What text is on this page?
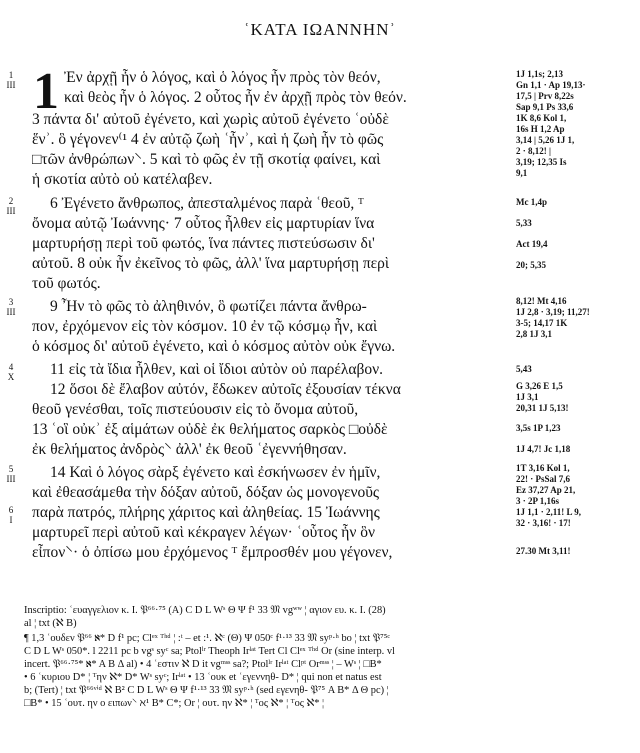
ʿΚΑΤΑ ΙΩΑΝΝΗΝʾ
1
1
III
2
III
3
III
4
X
5
III
6
I
Ἐν ἀρχῇ ἦν ὁ λόγος, καὶ ὁ λόγος ἦν πρὸς τὸν θεόν,
καὶ θεὸς ἦν ὁ λόγος. 2 οὗτος ἦν ἐν ἀρχῇ πρὸς τὸν θεόν.
3 πάντα δι' αὐτοῦ ἐγένετο, καὶ χωρὶς αὐτοῦ ἐγένετο ʿοὐδὲ
ἕνʾ. ὃ γέγονεν⁽¹ 4 ἐν αὐτῷ ζωὴ ʿἦνʾ, καὶ ἡ ζωὴ ἦν τὸ φῶς
□τῶν ἀνθρώπων⸌. 5 καὶ τὸ φῶς ἐν τῇ σκοτίᾳ φαίνει, καὶ
ἡ σκοτία αὐτὸ οὐ κατέλαβεν.
6 Ἐγένετο ἄνθρωπος, ἀπεσταλμένος παρὰ ʿθεοῦ, ᵀ
ὄνομα αὐτῷ Ἰωάννης· 7 οὗτος ἦλθεν εἰς μαρτυρίαν ἵνα
μαρτυρήσῃ περὶ τοῦ φωτός, ἵνα πάντες πιστεύσωσιν δι'
αὐτοῦ. 8 οὐκ ἦν ἐκεῖνος τὸ φῶς, ἀλλ' ἵνα μαρτυρήσῃ περὶ
τοῦ φωτός.
9 Ἦν τὸ φῶς τὸ ἀληθινόν, ὃ φωτίζει πάντα ἄνθρω-
πον, ἐρχόμενον εἰς τὸν κόσμον. 10 ἐν τῷ κόσμῳ ἦν, καὶ
ὁ κόσμος δι' αὐτοῦ ἐγένετο, καὶ ὁ κόσμος αὐτὸν οὐκ ἔγνω.
11 εἰς τὰ ἴδια ἦλθεν, καὶ οἱ ἴδιοι αὐτὸν οὐ παρέλαβον.
12 ὅσοι δὲ ἔλαβον αὐτόν, ἔδωκεν αὐτοῖς ἐξουσίαν τέκνα
θεοῦ γενέσθαι, τοῖς πιστεύουσιν εἰς τὸ ὄνομα αὐτοῦ,
13 ʿοἳ οὐκʾ ἐξ αἱμάτων οὐδὲ ἐκ θελήματος σαρκὸς □οὐδὲ
ἐκ θελήματος ἀνδρὸς⸌ ἀλλ' ἐκ θεοῦ ʿἐγεννήθησαν.
14 Καὶ ὁ λόγος σὰρξ ἐγένετο καὶ ἐσκήνωσεν ἐν ἡμῖν,
καὶ ἐθεασάμεθα τὴν δόξαν αὐτοῦ, δόξαν ὡς μονογενοῦς
παρὰ πατρός, πλήρης χάριτος καὶ ἀληθείας. 15 Ἰωάννης
μαρτυρεῖ περὶ αὐτοῦ καὶ κέκραγεν λέγων· ʿοὗτος ἦν ὃν
εἶπον⸌· ὁ ὀπίσω μου ἐρχόμενος ᵀ ἔμπροσθέν μου γέγονεν,
1J 1,1s; 2,13
Gn 1,1 · Ap 19,13·
17,5 | Prv 8,22s
Sap 9,1 Ps 33,6
1K 8,6 Kol 1,
16s H 1,2 Ap
3,14 | 5,26 1J 1,
2 · 8,12! |
3,19; 12,35 Is
9,1
Mc 1,4p
5,33
Act 19,4
20; 5,35
8,12! Mt 4,16
1J 2,8 · 3,19; 11,27!
3-5; 14,17 1K
2,8 1J 3,1
5,43
G 3,26 E 1,5
1J 3,1
20,31 1J 5,13!
3,5s 1P 1,23
1J 4,7! Jc 1,18
1T 3,16 Kol 1,
22! · PsSal 7,6
Ez 37,27 Ap 21,
3 · 2P 1,16s
1J 1,1 · 2,11! L 9,
32 · 3,16! · 17!
27.30 Mt 3,11!
Inscriptio: ʿευαγγελιον κ. Ι. 𝔓⁶⁶·⁷⁵ (A) C D L Wˢ Θ Ψ f¹ 33 𝔐 vgʷʷ ¦ αγιον ευ. κ. Ι. (28)
al ¦ txt (ℵ B)
¶ 1,3 ʿουδεν 𝔓⁶⁶ ℵ* D f¹ pc; Clᵉˣ ᵀʰᵈ ¦ :ᵗ – et :¹. ℵᶜ (Θ) Ψ 050ᶜ f¹·¹³ 33 𝔐 syᵖ·ʰ bo ¦ txt 𝔓⁷⁵ᶜ
C D L Wˢ 050*. l 2211 pc b vgˢ syᶜ sa; Ptolˡʳ Theoph Irˡᵃᵗ Tert Cl Clᵉˣ ᵀʰᵈ Or (sine interp. vl
incert. 𝔓⁶⁶·⁷⁵* ℵ* A B Δ al) • 4 ʿεστιν ℵ D it vgᵐˢˢ sa?; Ptolˡʳ Irˡᵃᵗ Clᵖᵗ Orᵐˢˢ ¦ – Wˢ ¦ □B*
• 6 ʿκυριου D* ¦ ᵀην ℵ* D* Wˢ syᶜ; Irˡᵃᵗ • 13 ʿουκ et ʿεγεννηθ- D* ¦ qui non et natus est
b; (Tert) ¦ txt 𝔓⁶⁶ᵛⁱᵈ ℵ B² C D L Wˢ Θ Ψ f¹·¹³ 33 𝔐 syᵖ·ʰ (sed εγενηθ- 𝔓⁷⁵ A B* Δ Θ pc) ¦
□B* • 15 ʿουτ. ην ο ειπων⸌ ℵ¹ B* C*; Or ¦ ουτ. ην ℵ* ¦ ᵀος ℵ* ¦ ᵀος ℵ* ¦
